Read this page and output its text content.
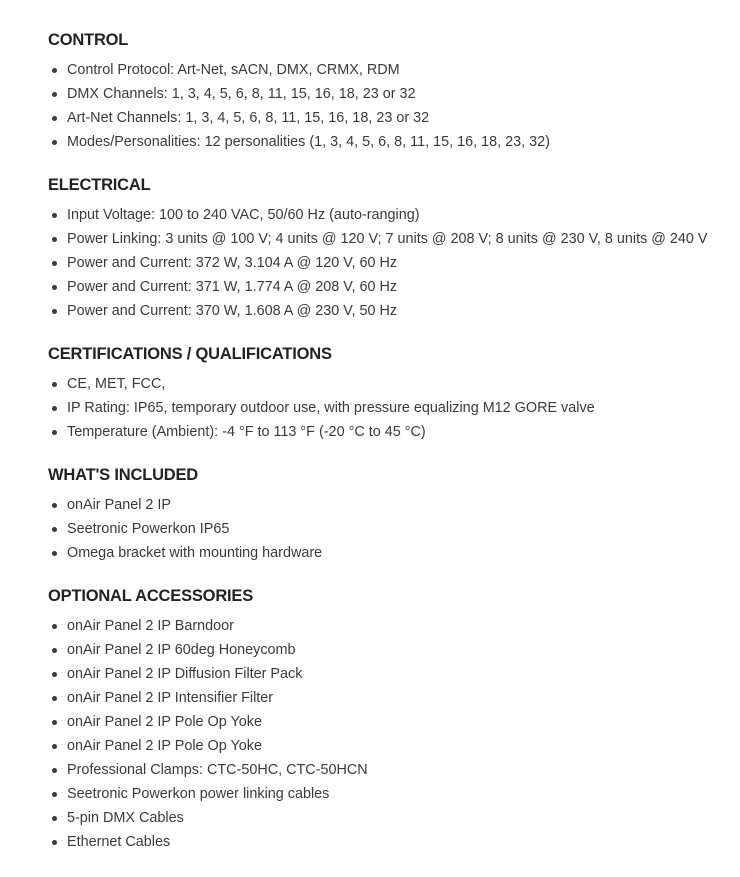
CONTROL
Control Protocol: Art-Net, sACN, DMX, CRMX, RDM
DMX Channels: 1, 3, 4, 5, 6, 8, 11, 15, 16, 18, 23 or 32
Art-Net Channels: 1, 3, 4, 5, 6, 8, 11, 15, 16, 18, 23 or 32
Modes/Personalities: 12 personalities (1, 3, 4, 5, 6, 8, 11, 15, 16, 18, 23, 32)
ELECTRICAL
Input Voltage: 100 to 240 VAC, 50/60 Hz (auto-ranging)
Power Linking: 3 units @ 100 V; 4 units @ 120 V; 7 units @ 208 V; 8 units @ 230 V, 8 units @ 240 V
Power and Current: 372 W, 3.104 A @ 120 V, 60 Hz
Power and Current: 371 W, 1.774 A @ 208 V, 60 Hz
Power and Current: 370 W, 1.608 A @ 230 V, 50 Hz
CERTIFICATIONS / QUALIFICATIONS
CE, MET, FCC,
IP Rating: IP65, temporary outdoor use, with pressure equalizing M12 GORE valve
Temperature (Ambient): -4 °F to 113 °F (-20 °C to 45 °C)
WHAT'S INCLUDED
onAir Panel 2 IP
Seetronic Powerkon IP65
Omega bracket with mounting hardware
OPTIONAL ACCESSORIES
onAir Panel 2 IP Barndoor
onAir Panel 2 IP 60deg Honeycomb
onAir Panel 2 IP Diffusion Filter Pack
onAir Panel 2 IP Intensifier Filter
onAir Panel 2 IP Pole Op Yoke
onAir Panel 2 IP Pole Op Yoke
Professional Clamps: CTC-50HC, CTC-50HCN
Seetronic Powerkon power linking cables
5-pin DMX Cables
Ethernet Cables
